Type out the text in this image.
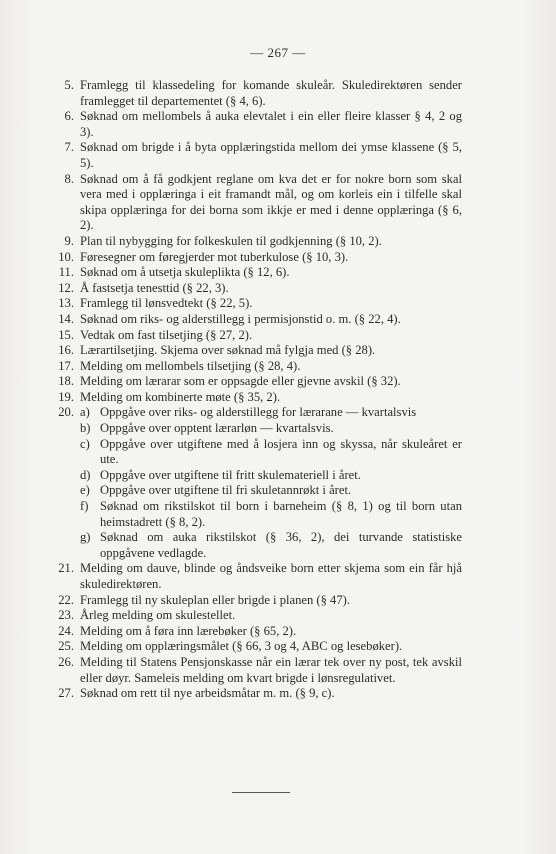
— 267 —
5. Framlegg til klassedeling for komande skuleår. Skuledirektøren sender framlegget til departementet (§ 4, 6).
6. Søknad om mellombels å auka elevtalet i ein eller fleire klasser § 4, 2 og 3).
7. Søknad om brigde i å byta opplæringstida mellom dei ymse klassene (§ 5, 5).
8. Søknad om å få godkjent reglane om kva det er for nokre born som skal vera med i opplæringa i eit framandt mål, og om korleis ein i tilfelle skal skipa opplæringa for dei borna som ikkje er med i denne opplæringa (§ 6, 2).
9. Plan til nybygging for folkeskulen til godkjenning (§ 10, 2).
10. Føresegner om føregjerder mot tuberkulose (§ 10, 3).
11. Søknad om å utsetja skuleplikta (§ 12, 6).
12. Å fastsetja tenesttid (§ 22, 3).
13. Framlegg til lønsvedtekt (§ 22, 5).
14. Søknad om riks- og alderstillegg i permisjonstid o. m. (§ 22, 4).
15. Vedtak om fast tilsetjing (§ 27, 2).
16. Lærartilsetjing. Skjema over søknad må fylgja med (§ 28).
17. Melding om mellombels tilsetjing (§ 28, 4).
18. Melding om lærarar som er oppsagde eller gjevne avskil (§ 32).
19. Melding om kombinerte møte (§ 35, 2).
20. a) Oppgåve over riks- og alderstillegg for lærarane — kvartalsvis
b) Oppgåve over opptent lærarløn — kvartalsvis.
c) Oppgåve over utgiftene med å losjera inn og skyssa, når skuleåret er ute.
d) Oppgåve over utgiftene til fritt skulemateriell i året.
e) Oppgåve over utgiftene til fri skuletannrøkt i året.
f) Søknad om rikstilskot til born i barneheim (§ 8, 1) og til born utan heimstadrett (§ 8, 2).
g) Søknad om auka rikstilskot (§ 36, 2), dei turvande statistiske oppgåvene vedlagde.
21. Melding om dauve, blinde og åndsveike born etter skjema som ein får hjå skuledirektøren.
22. Framlegg til ny skuleplan eller brigde i planen (§ 47).
23. Årleg melding om skulestellet.
24. Melding om å føra inn lærebøker (§ 65, 2).
25. Melding om opplæringsmålet (§ 66, 3 og 4, ABC og lesebøker).
26. Melding til Statens Pensjonskasse når ein lærar tek over ny post, tek avskil eller døyr. Sameleis melding om kvart brigde i lønsregulativet.
27. Søknad om rett til nye arbeidsmåtar m. m. (§ 9, c).
